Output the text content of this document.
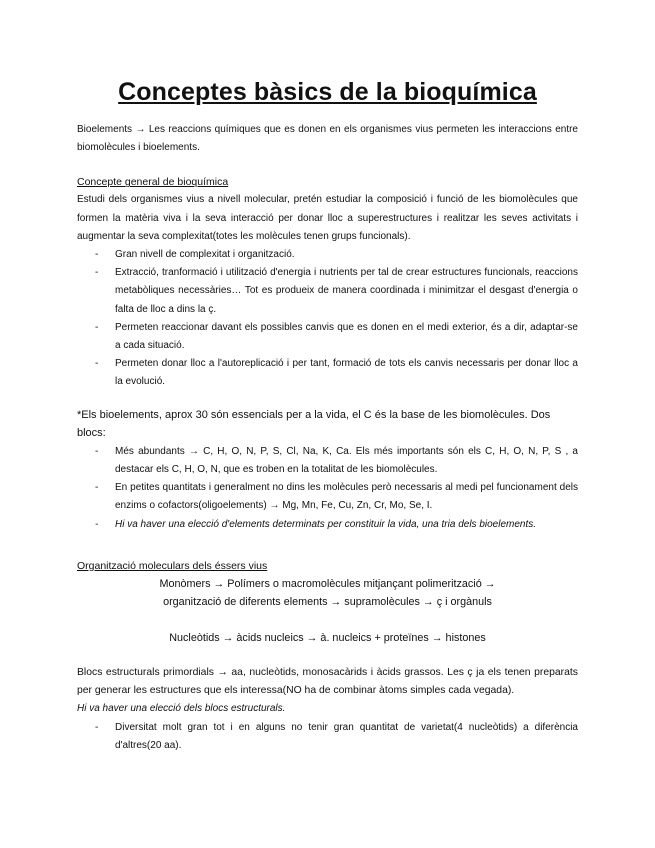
Conceptes bàsics de la bioquímica

Bioelements → Les reaccions químiques que es donen en els organismes vius permeten les interaccions entre biomolècules i bioelements.

Concepte general de bioquímica

Estudi dels organismes vius a nivell molecular, pretén estudiar la composició i funció de les biomolècules que formen la matèria viva i la seva interacció per donar lloc a superestructures i realitzar les seves activitats i augmentar la seva complexitat(totes les molècules tenen grups funcionals).

- Gran nivell de complexitat i organització.
- Extracció, tranformació i utilització d'energia i nutrients per tal de crear estructures funcionals, reaccions metabòliques necessàries… Tot es produeix de manera coordinada i minimitzar el desgast d'energia o falta de lloc a dins la ç.
- Permeten reaccionar davant els possibles canvis que es donen en el medi exterior, és a dir, adaptar-se a cada situació.
- Permeten donar lloc a l'autoreplicació i per tant, formació de tots els canvis necessaris per donar lloc a la evolució.

*Els bioelements, aprox 30 són essencials per a la vida, el C és la base de les biomolècules. Dos blocs:

- Més abundants → C, H, O, N, P, S, Cl, Na, K, Ca. Els més importants són els C, H, O, N, P, S , a destacar els C, H, O, N, que es troben en la totalitat de les biomolècules.
- En petites quantitats i generalment no dins les molècules però necessaris al medi pel funcionament dels enzims o cofactors(oligoelements) → Mg, Mn, Fe, Cu, Zn, Cr, Mo, Se, I.
- Hi va haver una elecció d'elements determinats per constituir la vida, una tria dels bioelements.

Organització moleculars dels éssers vius

Monòmers → Polímers o macromolècules mitjançant polimerització →

organització de diferents elements → supramolècules → ç i orgànuls

Nucleòtids → àcids nucleics → à. nucleics + proteïnes → histones

Blocs estructurals primordials → aa, nucleòtids, monosacàrids i àcids grassos. Les ç ja els tenen preparats per generar les estructures que els interessa(NO ha de combinar àtoms simples cada vegada).

Hi va haver una elecció dels blocs estructurals.

- Diversitat molt gran tot i en alguns no tenir gran quantitat de varietat(4 nucleòtids) a diferència d'altres(20 aa).
